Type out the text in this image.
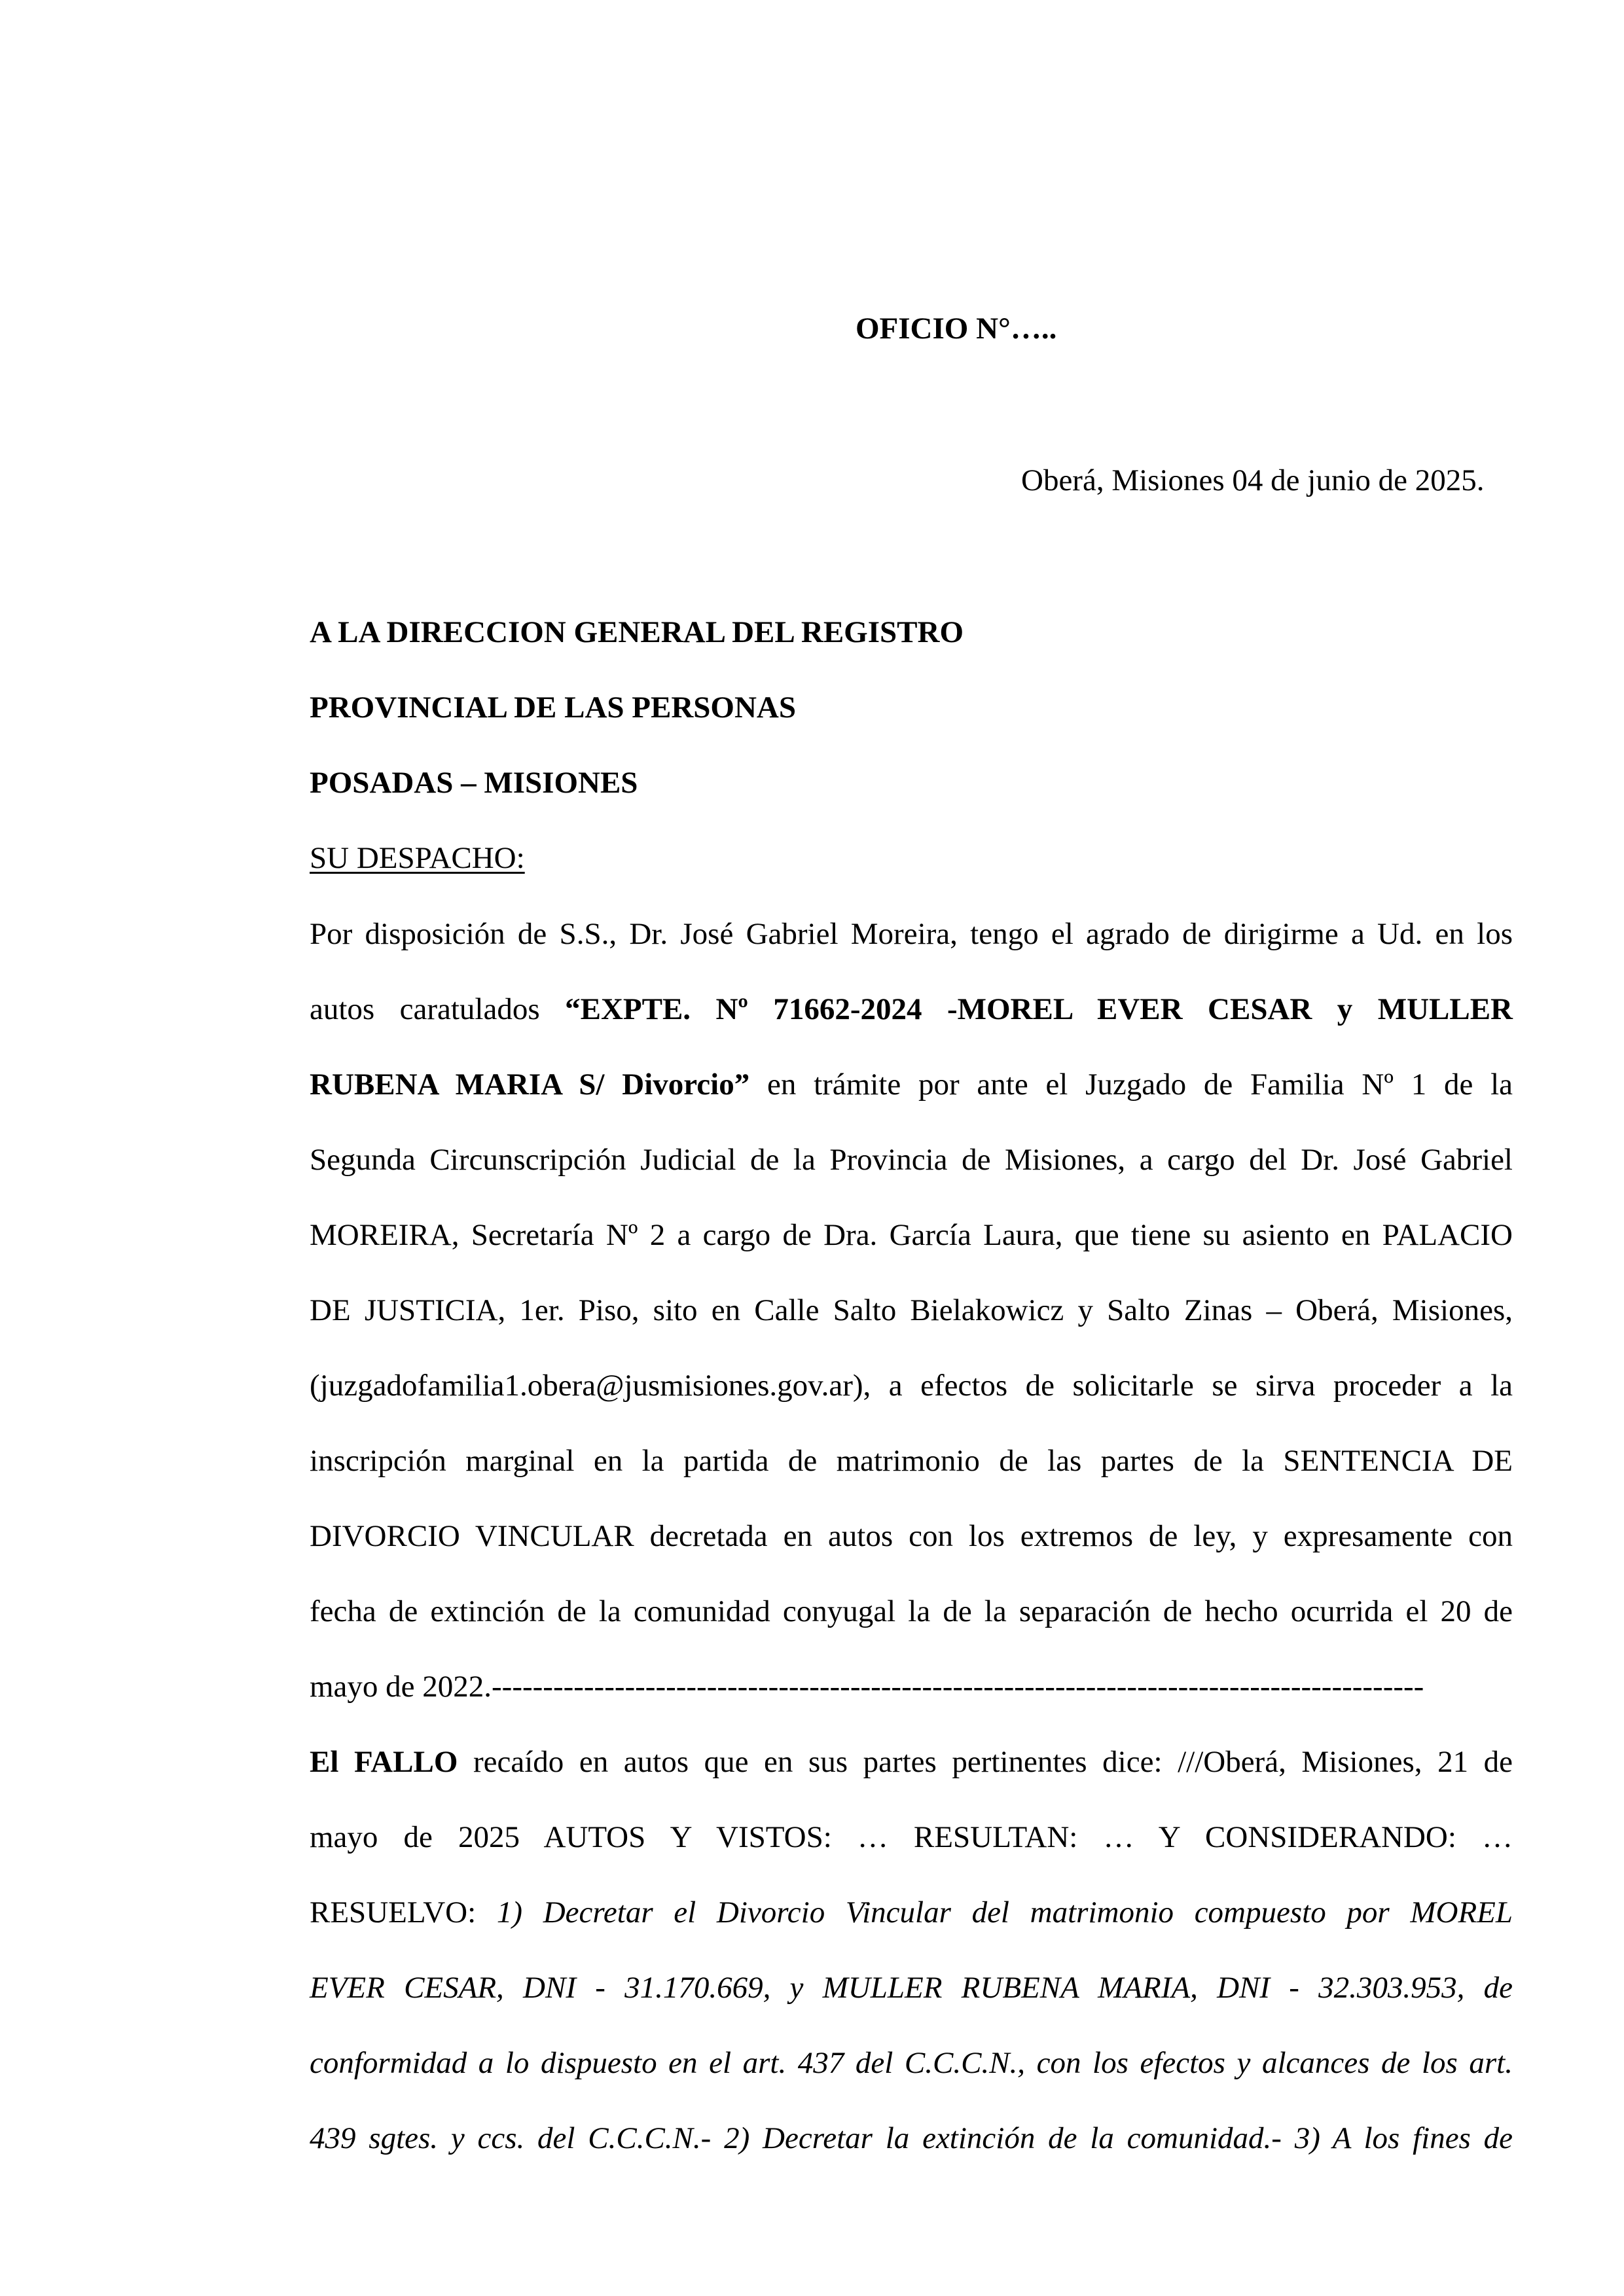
OFICIO N°…..
Oberá, Misiones 04 de junio de 2025.
A LA DIRECCION GENERAL DEL REGISTRO
PROVINCIAL DE LAS PERSONAS
POSADAS – MISIONES
SU DESPACHO:
Por disposición de S.S., Dr. José Gabriel Moreira, tengo el agrado de dirigirme a Ud. en los
autos caratulados “EXPTE. Nº 71662-2024 -MOREL EVER CESAR y MULLER
RUBENA MARIA S/ Divorcio” en trámite por ante el Juzgado de Familia Nº 1 de la
Segunda Circunscripción Judicial de la Provincia de Misiones, a cargo del Dr. José Gabriel
MOREIRA, Secretaría Nº 2 a cargo de Dra. García Laura, que tiene su asiento en PALACIO
DE JUSTICIA, 1er. Piso, sito en Calle Salto Bielakowicz y Salto Zinas – Oberá, Misiones,
(juzgadofamilia1.obera@jusmisiones.gov.ar), a efectos de solicitarle se sirva proceder a la
inscripción marginal en la partida de matrimonio de las partes de la SENTENCIA DE
DIVORCIO VINCULAR decretada en autos con los extremos de ley, y expresamente con
fecha de extinción de la comunidad conyugal la de la separación de hecho ocurrida el 20 de
mayo de 2022.-------------------------------------------------------------------------------------------
El FALLO recaído en autos que en sus partes pertinentes dice: ///Oberá, Misiones, 21 de
mayo de 2025 AUTOS Y VISTOS: … RESULTAN: … Y CONSIDERANDO: …
RESUELVO: 1) Decretar el Divorcio Vincular del matrimonio compuesto por MOREL
EVER CESAR, DNI - 31.170.669, y MULLER RUBENA MARIA, DNI - 32.303.953, de
conformidad a lo dispuesto en el art. 437 del C.C.C.N., con los efectos y alcances de los art.
439 sgtes. y ccs. del C.C.C.N.- 2) Decretar la extinción de la comunidad.- 3) A los fines de
